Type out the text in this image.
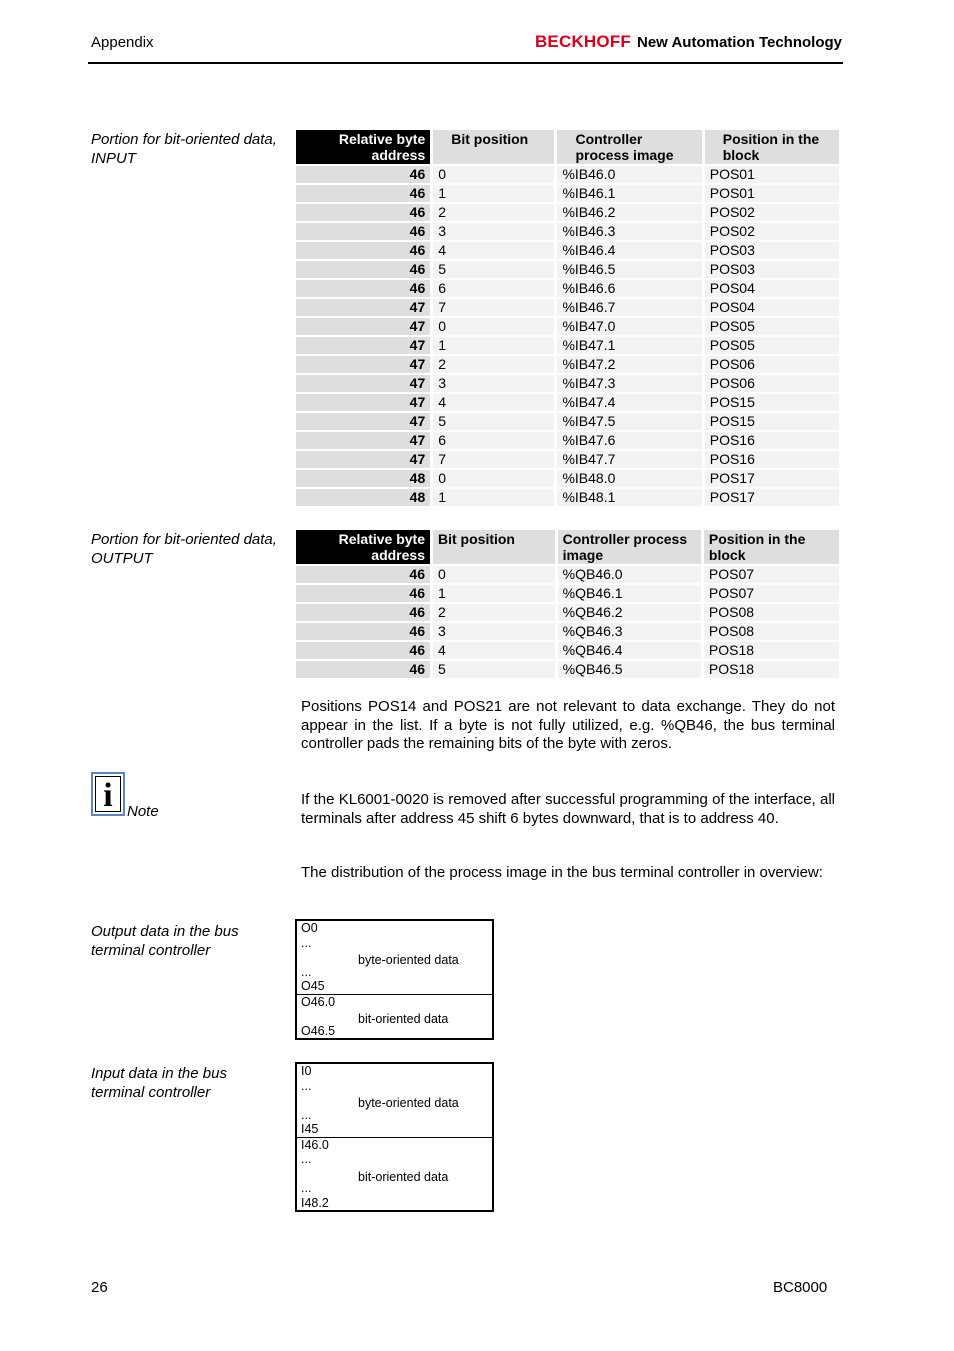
Appendix	BECKHOFF New Automation Technology
Portion for bit-oriented data, INPUT
Relative byte address	Bit position	Controller process image	Position in the block
46	0	%IB46.0	POS01
46	1	%IB46.1	POS01
46	2	%IB46.2	POS02
46	3	%IB46.3	POS02
46	4	%IB46.4	POS03
46	5	%IB46.5	POS03
46	6	%IB46.6	POS04
47	7	%IB46.7	POS04
47	0	%IB47.0	POS05
47	1	%IB47.1	POS05
47	2	%IB47.2	POS06
47	3	%IB47.3	POS06
47	4	%IB47.4	POS15
47	5	%IB47.5	POS15
47	6	%IB47.6	POS16
47	7	%IB47.7	POS16
48	0	%IB48.0	POS17
48	1	%IB48.1	POS17
Portion for bit-oriented data, OUTPUT
Relative byte address	Bit position	Controller process image	Position in the block
46	0	%QB46.0	POS07
46	1	%QB46.1	POS07
46	2	%QB46.2	POS08
46	3	%QB46.3	POS08
46	4	%QB46.4	POS18
46	5	%QB46.5	POS18
Positions POS14 and POS21 are not relevant to data exchange. They do not appear in the list. If a byte is not fully utilized, e.g. %QB46, the bus terminal controller pads the remaining bits of the byte with zeros.
i Note
If the KL6001-0020 is removed after successful programming of the interface, all terminals after address 45 shift 6 bytes downward, that is to address 40.
The distribution of the process image in the bus terminal controller in overview:
Output data in the bus terminal controller
O0
...
...
O45
byte-oriented data
O46.0
O46.5
bit-oriented data
Input data in the bus terminal controller
I0
...
...
I45
byte-oriented data
I46.0
...
...
I48.2
bit-oriented data
26	BC8000
